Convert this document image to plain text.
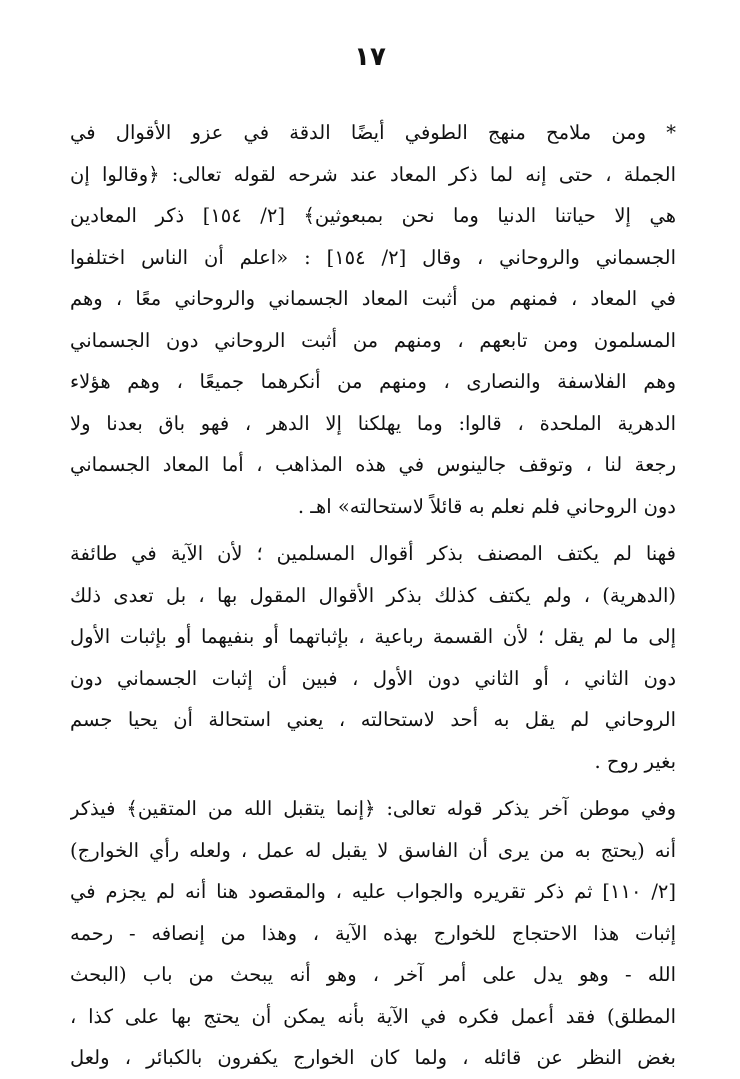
١٧
* ومن ملامح منهج الطوفي أيضًا الدقة في عزو الأقوال في
الجملة ، حتى إنه لما ذكر المعاد عند شرحه لقوله تعالى: ﴿وقالوا إن
هي إلا حياتنا الدنيا وما نحن بمبعوثين﴾ [٢/ ١٥٤] ذكر المعادين
الجسماني والروحاني ، وقال [٢/ ١٥٤] : «اعلم أن الناس اختلفوا
في المعاد ، فمنهم من أثبت المعاد الجسماني والروحاني معًا ، وهم
المسلمون ومن تابعهم ، ومنهم من أثبت الروحاني دون الجسماني
وهم الفلاسفة والنصارى ، ومنهم من أنكرهما جميعًا ، وهم هؤلاء
الدهرية الملحدة ، قالوا: وما يهلكنا إلا الدهر ، فهو باق بعدنا ولا
رجعة لنا ، وتوقف جالينوس في هذه المذاهب ، أما المعاد الجسماني
دون الروحاني فلم نعلم به قائلاً لاستحالته» اهـ .
فهنا لم يكتف المصنف بذكر أقوال المسلمين ؛ لأن الآية في طائفة
(الدهرية) ، ولم يكتف كذلك بذكر الأقوال المقول بها ، بل تعدى ذلك
إلى ما لم يقل ؛ لأن القسمة رباعية ، بإثباتهما أو بنفيهما أو بإثبات الأول
دون الثاني ، أو الثاني دون الأول ، فبين أن إثبات الجسماني دون
الروحاني لم يقل به أحد لاستحالته ، يعني استحالة أن يحيا جسم
بغير روح .
وفي موطن آخر يذكر قوله تعالى: ﴿إنما يتقبل الله من المتقين﴾ فيذكر
أنه (يحتج به من يرى أن الفاسق لا يقبل له عمل ، ولعله رأي الخوارج)
[٢/ ١١٠] ثم ذكر تقريره والجواب عليه ، والمقصود هنا أنه لم يجزم في
إثبات هذا الاحتجاج للخوارج بهذه الآية ، وهذا من إنصافه - رحمه
الله - وهو يدل على أمر آخر ، وهو أنه يبحث من باب (البحث
المطلق) فقد أعمل فكره في الآية بأنه يمكن أن يحتج بها على كذا ،
بغض النظر عن قائله ، ولما كان الخوارج يكفرون بالكبائر ، ولعل
